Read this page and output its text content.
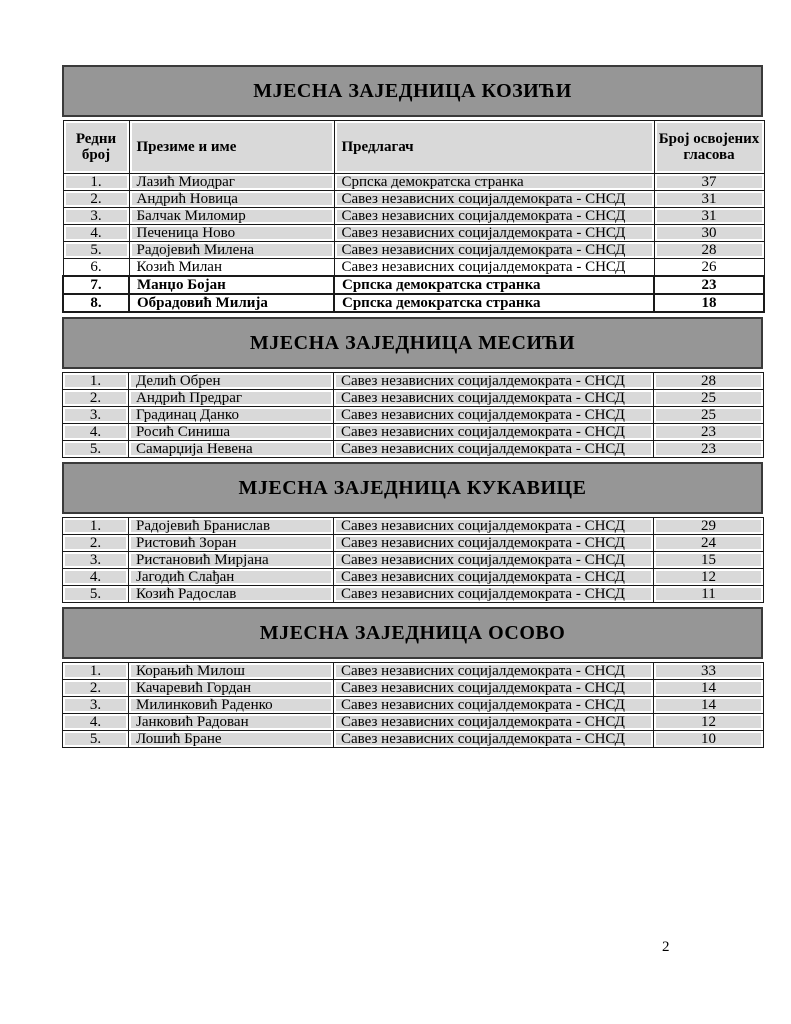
МЈЕСНА ЗАЈЕДНИЦА КОЗИЋИ
Редни број	Презиме и име	Предлагач	Број освојених гласова
1.	Лазић Миодраг	Српска демократска странка	37
2.	Андрић Новица	Савез независних социјалдемократа - СНСД	31
3.	Балчак Миломир	Савез независних социјалдемократа - СНСД	31
4.	Печеница Ново	Савез независних социјалдемократа - СНСД	30
5.	Радојевић Милена	Савез независних социјалдемократа - СНСД	28
6.	Козић Милан	Савез независних социјалдемократа - СНСД	26
7.	Манџо Бојан	Српска демократска странка	23
8.	Обрадовић Милија	Српска демократска странка	18
МЈЕСНА ЗАЈЕДНИЦА МЕСИЋИ
1.	Делић Обрен	Савез независних социјалдемократа - СНСД	28
2.	Андрић Предраг	Савез независних социјалдемократа - СНСД	25
3.	Градинац Данко	Савез независних социјалдемократа - СНСД	25
4.	Росић Синиша	Савез независних социјалдемократа - СНСД	23
5.	Самарџија Невена	Савез независних социјалдемократа - СНСД	23
МЈЕСНА ЗАЈЕДНИЦА КУКАВИЦЕ
1.	Радојевић Бранислав	Савез независних социјалдемократа - СНСД	29
2.	Ристовић Зоран	Савез независних социјалдемократа - СНСД	24
3.	Ристановић Мирјана	Савез независних социјалдемократа - СНСД	15
4.	Јагодић Слађан	Савез независних социјалдемократа - СНСД	12
5.	Козић Радослав	Савез независних социјалдемократа - СНСД	11
МЈЕСНА ЗАЈЕДНИЦА ОСОВО
1.	Корањић Милош	Савез независних социјалдемократа - СНСД	33
2.	Качаревић Гордан	Савез независних социјалдемократа - СНСД	14
3.	Милинковић Раденко	Савез независних социјалдемократа - СНСД	14
4.	Јанковић Радован	Савез независних социјалдемократа - СНСД	12
5.	Лошић Бране	Савез независних социјалдемократа - СНСД	10
2
